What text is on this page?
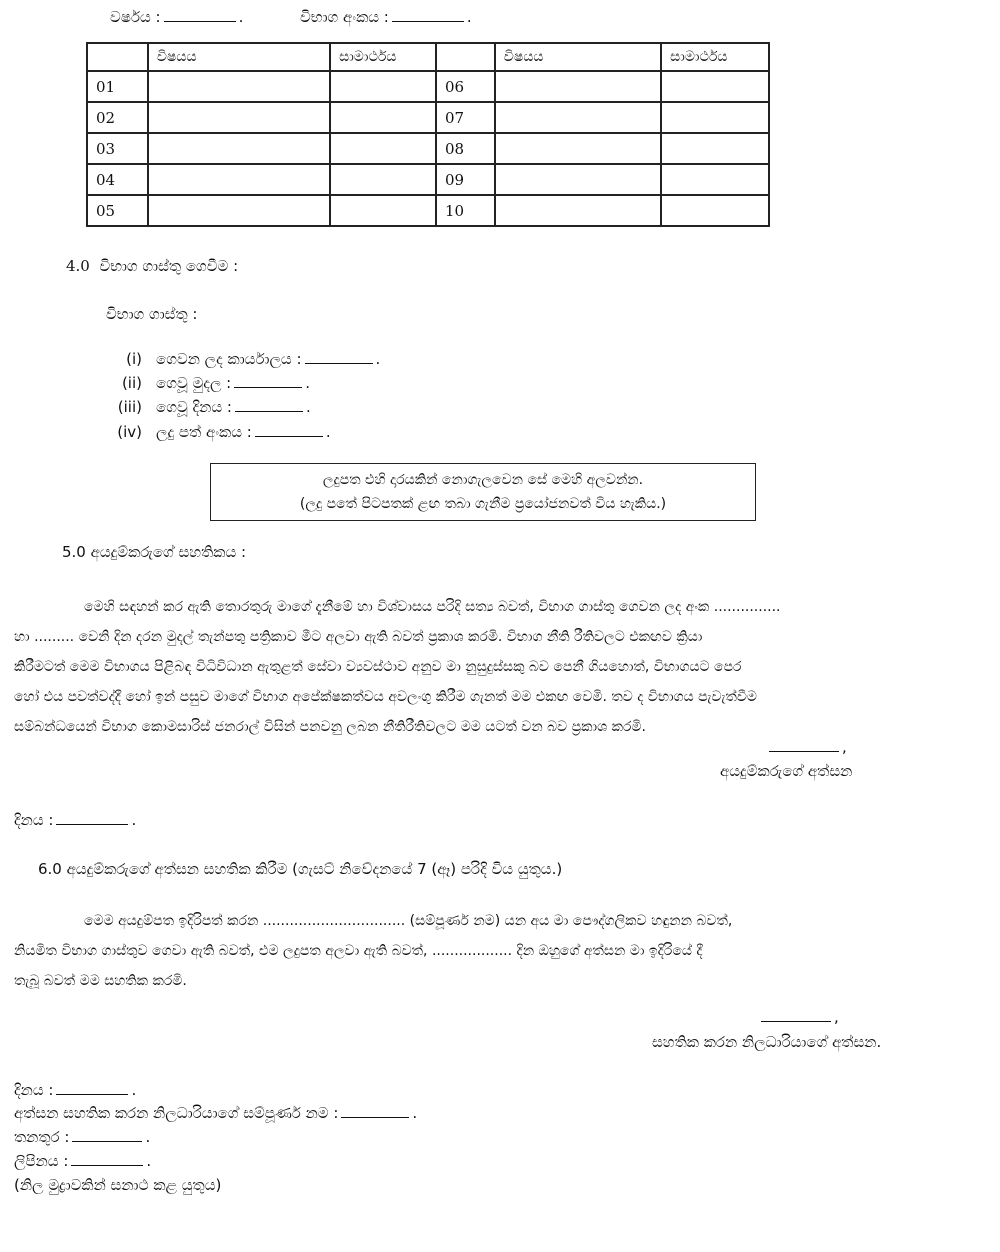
වර්ෂය :	.	විභාග අංකය :	.
	විෂයය	සාමාර්ථය		විෂයය	සාමාර්ථය
01			06		
02			07		
03			08		
04			09		
05			10		
4.0 විභාග ගාස්තු ගෙවීම :
විභාග ගාස්තු :
(i) ගෙවන ලද කාර්යාලය :	.
(ii) ගෙවූ මුදල :	.
(iii) ගෙවූ දිනය :	.
(iv) ලදු පත් අංකය :	.
ලදුපත එහි දාරයකින් නොගැලවෙන සේ මෙහි අලවන්න.
(ලදු පතේ පිටපතක් ළඟ තබා ගැනීම ප්‍රයෝජනවත් විය හැකිය.)
5.0 අයදුම්කරුගේ සහතිකය :

මෙහි සඳහන් කර ඇති තොරතුරු මාගේ දැනීමේ හා විශ්වාසය පරිදි සත්‍ය බවත්, විභාග ගාස්තු ගෙවන ලද අංක ...............

හා ......... වෙනි දින දරන මුදල් තැන්පතු පත්‍රිකාව මීට අලවා ඇති බවත් ප්‍රකාශ කරමි. විභාග නීති රීතිවලට එකඟව ක්‍රියා

කිරීමටත් මෙම විභාගය පිළිබඳ විධිවිධාන ඇතුළත් සේවා ව්‍යවස්ථාව අනුව මා නුසුදුස්සකු බව පෙනී ගියහොත්, විභාගයට පෙර

හෝ එය පවත්වද්දී හෝ ඉන් පසුව මාගේ විභාග අපේක්ෂකත්වය අවලංගු කිරීම ගැනත් මම එකඟ වෙමි. තව ද විභාගය පැවැත්වීම

සම්බන්ධයෙන් විභාග කොමසාරිස් ජනරාල් විසින් පනවනු ලබන නීතිරීතිවලට මම යටත් වන බව ප්‍රකාශ කරමි.

,
අයදුම්කරුගේ අත්සන
දිනය :	.
6.0 අයදුම්කරුගේ අත්සන සහතික කිරීම (ගැසට් නිවේදනයේ 7 (ඈ) පරිදි විය යුතුය.)

මෙම අයදුම්පත ඉදිරිපත් කරන ................................ (සම්පූර්ණ නම) යන අය මා පෞද්ගලිකව හඳුනන බවත්,

නියමිත විභාග ගාස්තුව ගෙවා ඇති බවත්, එම ලදුපත අලවා ඇති බවත්, .................. දින ඔහුගේ අත්සන මා ඉදිරියේ දී

තැබූ බවත් මම සහතික කරමි.

,
සහතික කරන නිලධාරියාගේ අත්සන.
දිනය :	.
අත්සන සහතික කරන නිලධාරියාගේ සම්පූර්ණ නම :	.
තනතුර :	.
ලිපිනය :	.
(නිල මුද්‍රාවකින් සනාථ කළ යුතුය)
